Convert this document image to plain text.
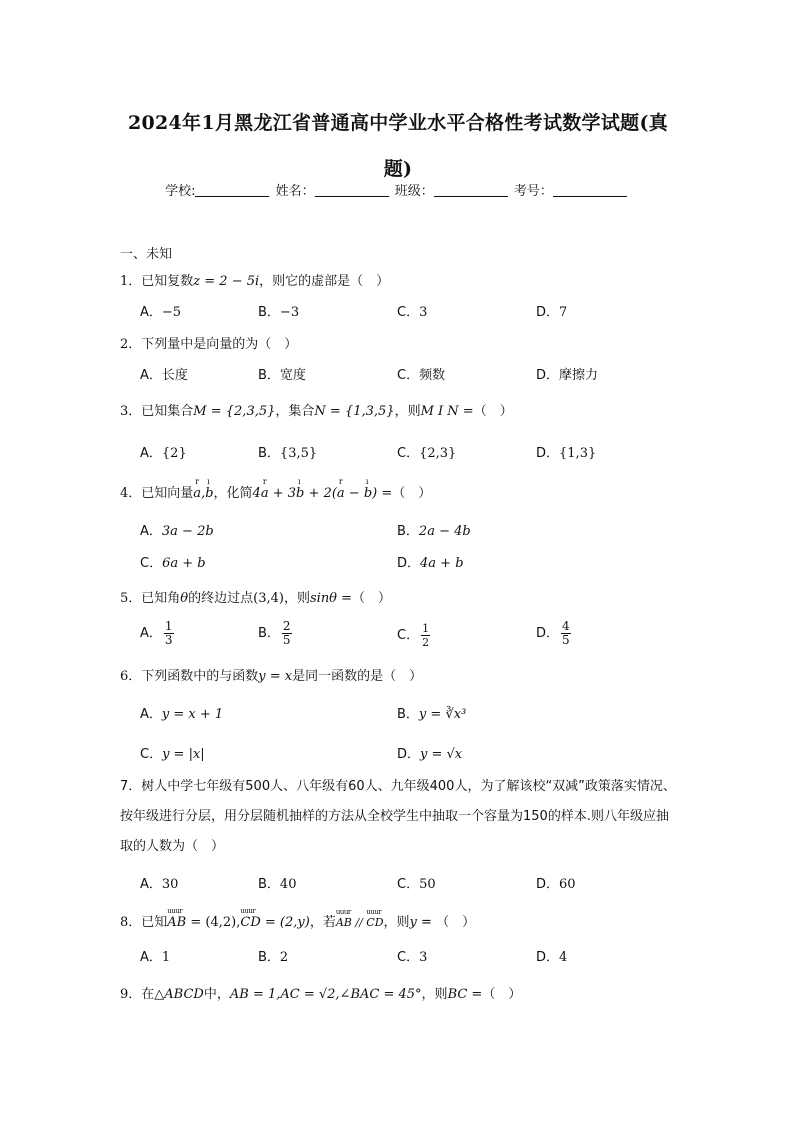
2024年1月黑龙江省普通高中学业水平合格性考试数学试题(真题)
学校:	姓名：	班级：	考号：
一、未知
1．已知复数z = 2 − 5i，则它的虚部是（　）
A．−5	B．−3	C．3	D．7
2．下列量中是向量的为（　）
A．长度	B．宽度	C．频数	D．摩擦力
3．已知集合M = {2,3,5}，集合N = {1,3,5}，则M I N =（　）
A．{2}	B．{3,5}	C．{2,3}	D．{1,3}
4．已知向量r a,ı b，化简4r a + 3ı b + 2(r a − ı b) =（　）
A．3a − 2b	B．2a − 4b
C．6a + b	D．4a + b
5．已知角θ的终边过点(3,4)，则sinθ =（　）
A． $\frac{1}{3}$	B． $\frac{2}{5}$	C． $\frac{1}{2}$	D． $\frac{4}{5}$
6．下列函数中的与函数y = x是同一函数的是（　）
A．y = x + 1	B．y = ∛x³
C．y = |x|	D．y = √x
7．树人中学七年级有500人、八年级有60人、九年级400人，为了解该校“双减”政策落实情况、按年级进行分层，用分层随机抽样的方法从全校学生中抽取一个容量为150的样本.则八年级应抽取的人数为（　）
A．30	B．40	C．50	D．60
8．已知uuur AB = (4,2),uuur CD = (2,y)，若uuur AB // uuur CD，则y = （　）
A．1	B．2	C．3	D．4
9．在△ABCD中，AB = 1,AC = √2,∠BAC = 45°，则BC =（　）
